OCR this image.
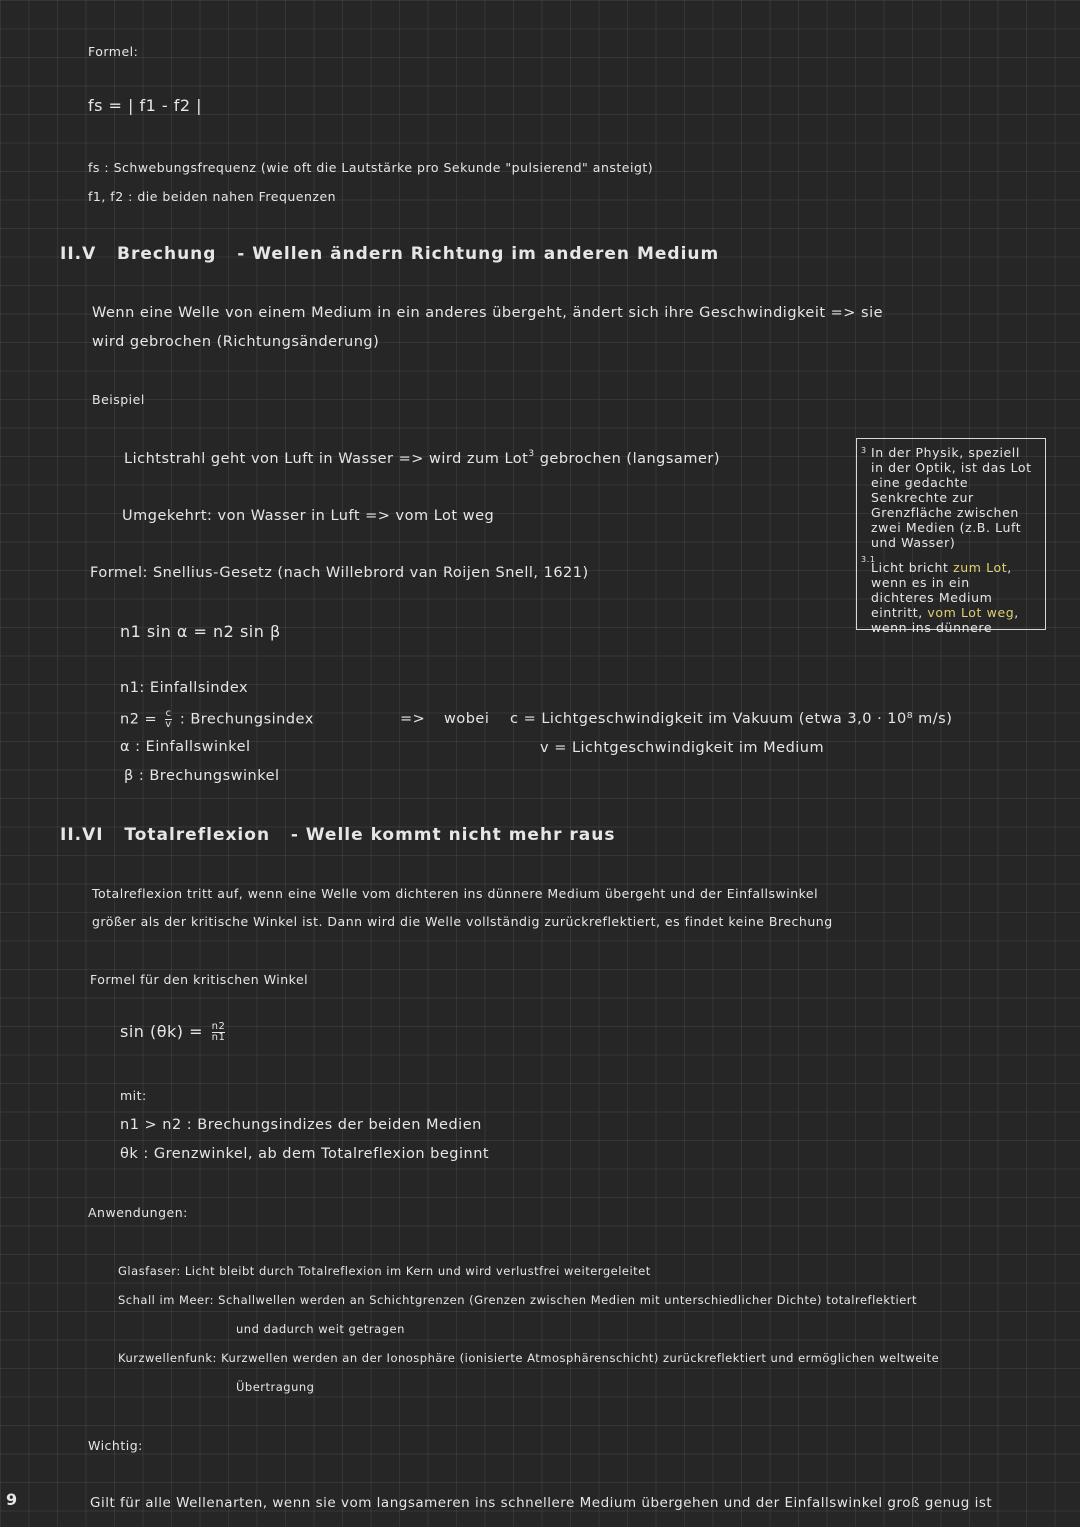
Formel:
fs = | f1 - f2 |
fs : Schwebungsfrequenz (wie oft die Lautstärke pro Sekunde "pulsierend" ansteigt)
f1, f2 : die beiden nahen Frequenzen
II.V Brechung - Wellen ändern Richtung im anderen Medium
Wenn eine Welle von einem Medium in ein anderes übergeht, ändert sich ihre Geschwindigkeit => sie
wird gebrochen (Richtungsänderung)
Beispiel
Lichtstrahl geht von Luft in Wasser => wird zum Lot$^3$ gebrochen (langsamer)
Umgekehrt: von Wasser in Luft => vom Lot weg
Formel: Snellius-Gesetz (nach Willebrord van Roijen Snell, 1621)
n1 sin α = n2 sin β
n1: Einfallsindex
$n2 = \frac{c}{v}$ : Brechungsindex	=> wobei c = Lichtgeschwindigkeit im Vakuum (etwa 3,0 · 10⁸ m/s)
v = Lichtgeschwindigkeit im Medium
α : Einfallswinkel
β : Brechungswinkel
3 In der Physik, speziell in der Optik, ist das Lot eine gedachte Senkrechte zur Grenzfläche zwischen zwei Medien (z.B. Luft und Wasser)
3.1
Licht bricht zum Lot, wenn es in ein dichteres Medium eintritt, vom Lot weg, wenn ins dünnere
II.VI Totalreflexion - Welle kommt nicht mehr raus
Totalreflexion tritt auf, wenn eine Welle vom dichteren ins dünnere Medium übergeht und der Einfallswinkel
größer als der kritische Winkel ist. Dann wird die Welle vollständig zurückreflektiert, es findet keine Brechung
Formel für den kritischen Winkel
$\sin (\theta k) = \frac{n2}{n1}$
mit:
n1 > n2 : Brechungsindizes der beiden Medien
θk : Grenzwinkel, ab dem Totalreflexion beginnt
Anwendungen:
Glasfaser: Licht bleibt durch Totalreflexion im Kern und wird verlustfrei weitergeleitet
Schall im Meer: Schallwellen werden an Schichtgrenzen (Grenzen zwischen Medien mit unterschiedlicher Dichte) totalreflektiert
und dadurch weit getragen
Kurzwellenfunk: Kurzwellen werden an der Ionosphäre (ionisierte Atmosphärenschicht) zurückreflektiert und ermöglichen weltweite
Übertragung
Wichtig:
Gilt für alle Wellenarten, wenn sie vom langsameren ins schnellere Medium übergehen und der Einfallswinkel groß genug ist
9
